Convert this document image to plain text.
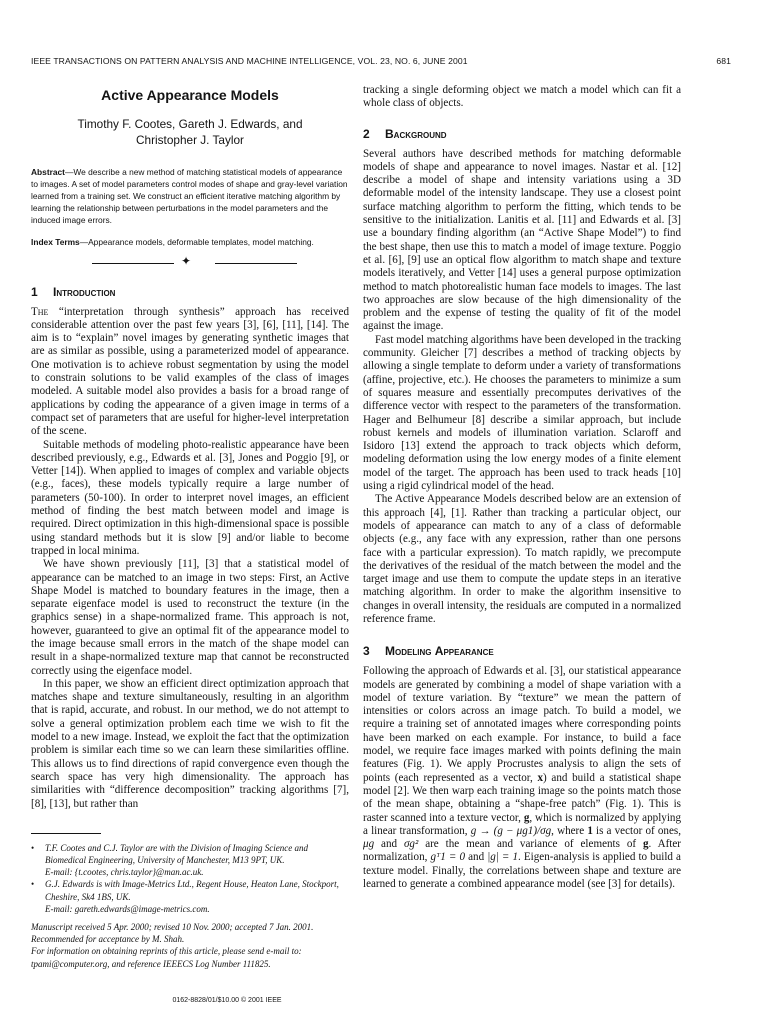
IEEE TRANSACTIONS ON PATTERN ANALYSIS AND MACHINE INTELLIGENCE, VOL. 23, NO. 6, JUNE 2001	681
Active Appearance Models
Timothy F. Cootes, Gareth J. Edwards, and
Christopher J. Taylor
Abstract—We describe a new method of matching statistical models of appearance to images. A set of model parameters control modes of shape and gray-level variation learned from a training set. We construct an efficient iterative matching algorithm by learning the relationship between perturbations in the model parameters and the induced image errors.
Index Terms—Appearance models, deformable templates, model matching.
✦
1 Introduction

The “interpretation through synthesis” approach has received considerable attention over the past few years [3], [6], [11], [14]. The aim is to “explain” novel images by generating synthetic images that are as similar as possible, using a parameterized model of appearance. One motivation is to achieve robust segmentation by using the model to constrain solutions to be valid examples of the class of images modeled. A suitable model also provides a basis for a broad range of applications by coding the appearance of a given image in terms of a compact set of parameters that are useful for higher-level interpretation of the scene.

Suitable methods of modeling photo-realistic appearance have been described previously, e.g., Edwards et al. [3], Jones and Poggio [9], or Vetter [14]). When applied to images of complex and variable objects (e.g., faces), these models typically require a large number of parameters (50-100). In order to interpret novel images, an efficient method of finding the best match between model and image is required. Direct optimization in this high-dimensional space is possible using standard methods but it is slow [9] and/or liable to become trapped in local minima.

We have shown previously [11], [3] that a statistical model of appearance can be matched to an image in two steps: First, an Active Shape Model is matched to boundary features in the image, then a separate eigenface model is used to reconstruct the texture (in the graphics sense) in a shape-normalized frame. This approach is not, however, guaranteed to give an optimal fit of the appearance model to the image because small errors in the match of the shape model can result in a shape-normalized texture map that cannot be reconstructed correctly using the eigenface model.

In this paper, we show an efficient direct optimization approach that matches shape and texture simultaneously, resulting in an algorithm that is rapid, accurate, and robust. In our method, we do not attempt to solve a general optimization problem each time we wish to fit the model to a new image. Instead, we exploit the fact that the optimization problem is similar each time so we can learn these similarities offline. This allows us to find directions of rapid convergence even though the search space has very high dimensionality. The approach has similarities with “difference decomposition” tracking algorithms [7], [8], [13], but rather than

•	T.F. Cootes and C.J. Taylor are with the Division of Imaging Science and Biomedical Engineering, University of Manchester, M13 9PT, UK.
E-mail: {t.cootes, chris.taylor}@man.ac.uk.
•	G.J. Edwards is with Image-Metrics Ltd., Regent House, Heaton Lane, Stockport, Cheshire, Sk4 1BS, UK.
E-mail: gareth.edwards@image-metrics.com.
Manuscript received 5 Apr. 2000; revised 10 Nov. 2000; accepted 7 Jan. 2001.
Recommended for acceptance by M. Shah.
For information on obtaining reprints of this article, please send e-mail to: tpami@computer.org, and reference IEEECS Log Number 111825.

tracking a single deforming object we match a model which can fit a whole class of objects.

2 Background

Several authors have described methods for matching deformable models of shape and appearance to novel images. Nastar et al. [12] describe a model of shape and intensity variations using a 3D deformable model of the intensity landscape. They use a closest point surface matching algorithm to perform the fitting, which tends to be sensitive to the initialization. Lanitis et al. [11] and Edwards et al. [3] use a boundary finding algorithm (an “Active Shape Model”) to find the best shape, then use this to match a model of image texture. Poggio et al. [6], [9] use an optical flow algorithm to match shape and texture models iteratively, and Vetter [14] uses a general purpose optimization method to match photorealistic human face models to images. The last two approaches are slow because of the high dimensionality of the problem and the expense of testing the quality of fit of the model against the image.

Fast model matching algorithms have been developed in the tracking community. Gleicher [7] describes a method of tracking objects by allowing a single template to deform under a variety of transformations (affine, projective, etc.). He chooses the parameters to minimize a sum of squares measure and essentially precomputes derivatives of the difference vector with respect to the parameters of the transformation. Hager and Belhumeur [8] describe a similar approach, but include robust kernels and models of illumination variation. Sclaroff and Isidoro [13] extend the approach to track objects which deform, modeling deformation using the low energy modes of a finite element model of the target. The approach has been used to track heads [10] using a rigid cylindrical model of the head.

The Active Appearance Models described below are an extension of this approach [4], [1]. Rather than tracking a particular object, our models of appearance can match to any of a class of deformable objects (e.g., any face with any expression, rather than one persons face with a particular expression). To match rapidly, we precompute the derivatives of the residual of the match between the model and the target image and use them to compute the update steps in an iterative matching algorithm. In order to make the algorithm insensitive to changes in overall intensity, the residuals are computed in a normalized reference frame.

3 Modeling Appearance

Following the approach of Edwards et al. [3], our statistical appearance models are generated by combining a model of shape variation with a model of texture variation. By “texture” we mean the pattern of intensities or colors across an image patch. To build a model, we require a training set of annotated images where corresponding points have been marked on each example. For instance, to build a face model, we require face images marked with points defining the main features (Fig. 1). We apply Procrustes analysis to align the sets of points (each represented as a vector, x) and build a statistical shape model [2]. We then warp each training image so the points match those of the mean shape, obtaining a “shape-free patch” (Fig. 1). This is raster scanned into a texture vector, g, which is normalized by applying a linear transformation, g → (g − μg1)/σg, where 1 is a vector of ones, μg and σg² are the mean and variance of elements of g. After normalization, gᵀ1 = 0 and |g| = 1. Eigen-analysis is applied to build a texture model. Finally, the correlations between shape and texture are learned to generate a combined appearance model (see [3] for details).

0162-8828/01/$10.00 © 2001 IEEE
